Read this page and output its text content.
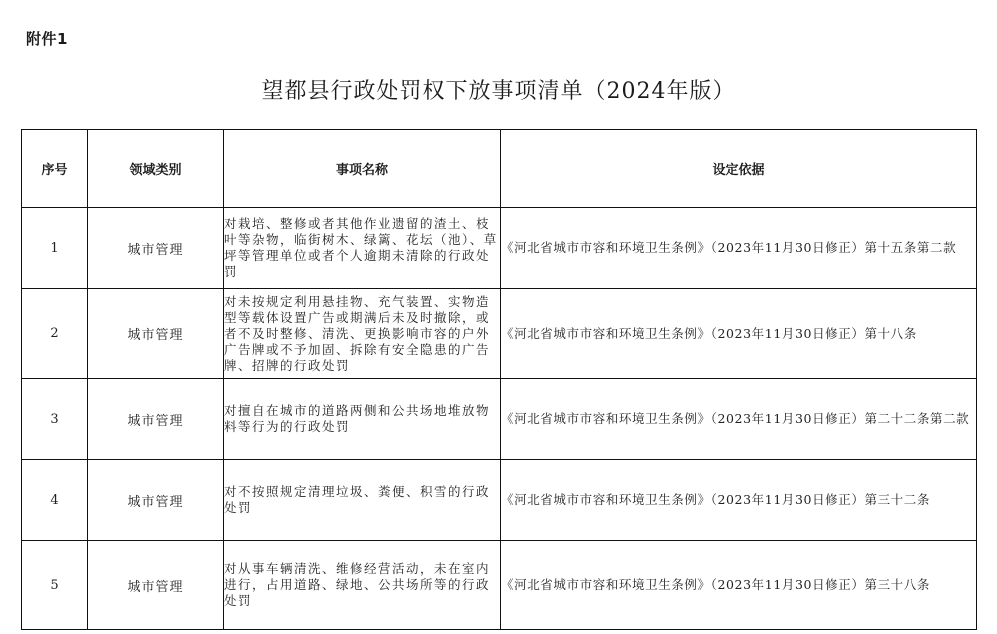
附件1
望都县行政处罚权下放事项清单（2024年版）
序号	领域类别	事项名称	设定依据
1	城市管理	对栽培、整修或者其他作业遗留的渣土、枝叶等杂物，临街树木、绿篱、花坛（池）、草坪等管理单位或者个人逾期未清除的行政处罚	《河北省城市市容和环境卫生条例》（2023年11月30日修正）第十五条第二款
2	城市管理	对未按规定利用悬挂物、充气装置、实物造型等载体设置广告或期满后未及时撤除，或者不及时整修、清洗、更换影响市容的户外广告牌或不予加固、拆除有安全隐患的广告牌、招牌的行政处罚	《河北省城市市容和环境卫生条例》（2023年11月30日修正）第十八条
3	城市管理	对擅自在城市的道路两侧和公共场地堆放物料等行为的行政处罚	《河北省城市市容和环境卫生条例》（2023年11月30日修正）第二十二条第二款
4	城市管理	对不按照规定清理垃圾、粪便、积雪的行政处罚	《河北省城市市容和环境卫生条例》（2023年11月30日修正）第三十二条
5	城市管理	对从事车辆清洗、维修经营活动，未在室内进行，占用道路、绿地、公共场所等的行政处罚	《河北省城市市容和环境卫生条例》（2023年11月30日修正）第三十八条
